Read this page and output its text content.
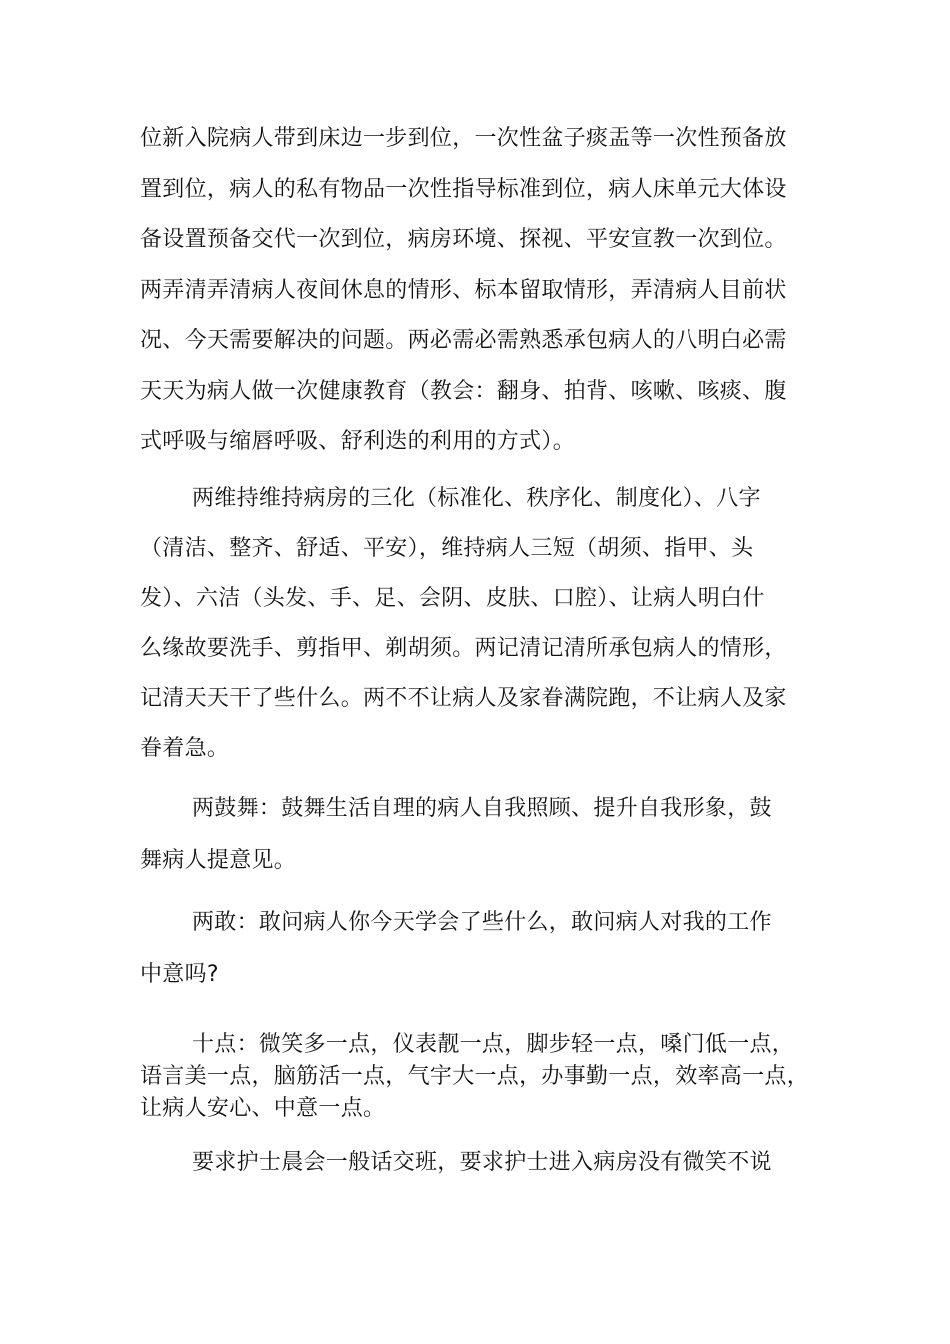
位新入院病人带到床边一步到位，一次性盆子痰盂等一次性预备放
置到位，病人的私有物品一次性指导标准到位，病人床单元大体设
备设置预备交代一次到位，病房环境、探视、平安宣教一次到位。
两弄清弄清病人夜间休息的情形、标本留取情形，弄清病人目前状
况、今天需要解决的问题。两必需必需熟悉承包病人的八明白必需
天天为病人做一次健康教育（教会：翻身、拍背、咳嗽、咳痰、腹
式呼吸与缩唇呼吸、舒利迭的利用的方式）。
两维持维持病房的三化（标准化、秩序化、制度化）、八字
（清洁、整齐、舒适、平安），维持病人三短（胡须、指甲、头
发）、六洁（头发、手、足、会阴、皮肤、口腔）、让病人明白什
么缘故要洗手、剪指甲、剃胡须。两记清记清所承包病人的情形，
记清天天干了些什么。两不不让病人及家眷满院跑，不让病人及家
眷着急。
两鼓舞：鼓舞生活自理的病人自我照顾、提升自我形象，鼓
舞病人提意见。
两敢：敢问病人你今天学会了些什么，敢问病人对我的工作
中意吗?
十点：微笑多一点，仪表靓一点，脚步轻一点，嗓门低一点，
语言美一点，脑筋活一点，气宇大一点，办事勤一点，效率高一点，
让病人安心、中意一点。
要求护士晨会一般话交班，要求护士进入病房没有微笑不说
